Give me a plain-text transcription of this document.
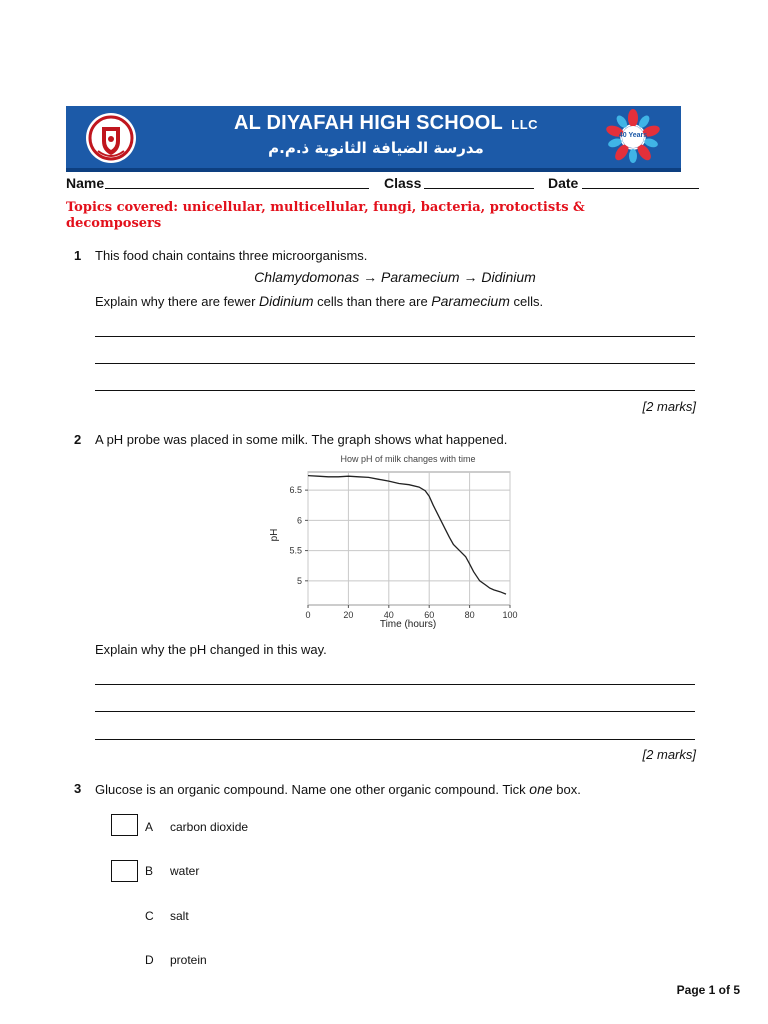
AL DIYAFAH HIGH SCHOOL LLC
مدرسة الضيافة الثانوية ذ.م.م
40 Years
Name	Class	Date
Topics covered: unicellular, multicellular, fungi, bacteria, protoctists & decomposers
1 This food chain contains three microorganisms.
Chlamydomonas → Paramecium → Didinium
Explain why there are fewer Didinium cells than there are Paramecium cells.
[2 marks]
2 A pH probe was placed in some milk. The graph shows what happened.
How pH of milk changes with time
5
5.5
6
6.5
0	20	40	60	80	100
pH
Time (hours)
Explain why the pH changed in this way.
[2 marks]
3 Glucose is an organic compound. Name one other organic compound. Tick one box.
A carbon dioxide
B water
C salt
D protein
Page 1 of 5
